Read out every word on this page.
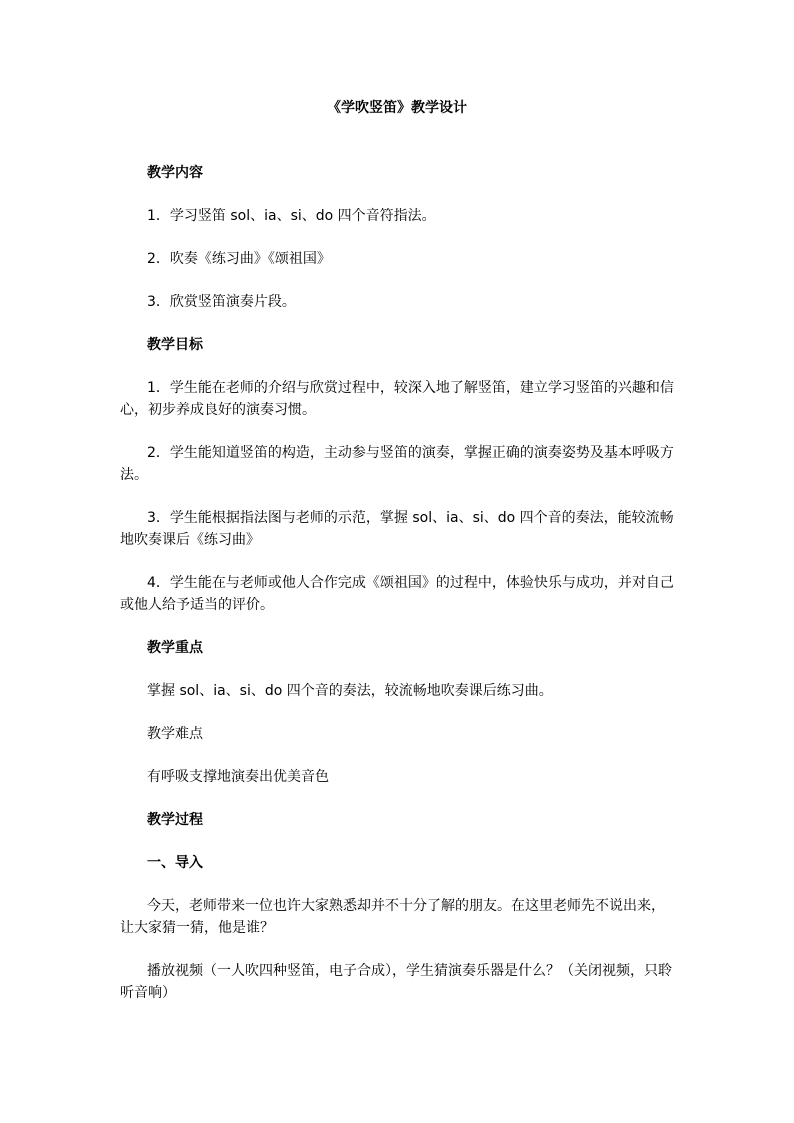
《学吹竖笛》教学设计

教学内容

1．学习竖笛 sol、ia、si、do 四个音符指法。

2．吹奏《练习曲》《颂祖国》

3．欣赏竖笛演奏片段。

教学目标

1．学生能在老师的介绍与欣赏过程中，较深入地了解竖笛，建立学习竖笛的兴趣和信心，初步养成良好的演奏习惯。

2．学生能知道竖笛的构造，主动参与竖笛的演奏，掌握正确的演奏姿势及基本呼吸方法。

3．学生能根据指法图与老师的示范，掌握 sol、ia、si、do 四个音的奏法，能较流畅地吹奏课后《练习曲》

4．学生能在与老师或他人合作完成《颂祖国》的过程中，体验快乐与成功，并对自己或他人给予适当的评价。

教学重点

掌握 sol、ia、si、do 四个音的奏法，较流畅地吹奏课后练习曲。

教学难点

有呼吸支撑地演奏出优美音色

教学过程

一、导入

今天，老师带来一位也许大家熟悉却并不十分了解的朋友。在这里老师先不说出来，让大家猜一猜，他是谁？

播放视频（一人吹四种竖笛，电子合成），学生猜演奏乐器是什么？（关闭视频，只聆听音响）
